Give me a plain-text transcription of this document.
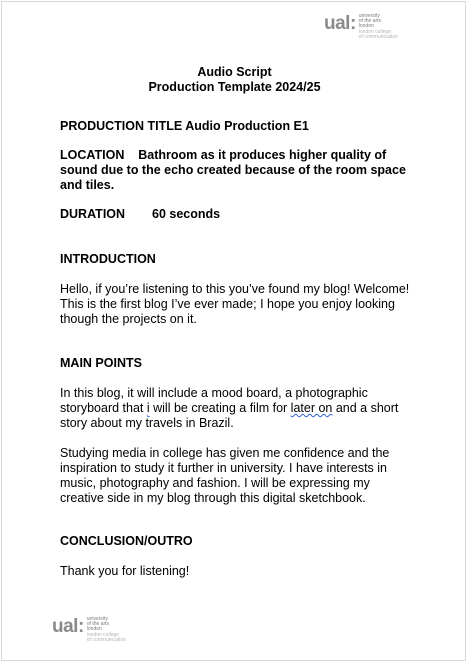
ual: university
of the arts
london
london college
of communication
Audio Script
Production Template 2024/25
PRODUCTION TITLE Audio Production E1
LOCATION Bathroom as it produces higher quality of sound due to the echo created because of the room space and tiles.
DURATION 60 seconds
INTRODUCTION
Hello, if you’re listening to this you’ve found my blog! Welcome! This is the first blog I’ve ever made; I hope you enjoy looking though the projects on it.
MAIN POINTS
In this blog, it will include a mood board, a photographic storyboard that i will be creating a film for later on and a short story about my travels in Brazil.
Studying media in college has given me confidence and the inspiration to study it further in university. I have interests in music, photography and fashion. I will be expressing my creative side in my blog through this digital sketchbook.
CONCLUSION/OUTRO
Thank you for listening!
ual: university
of the arts
london
london college
of communication
